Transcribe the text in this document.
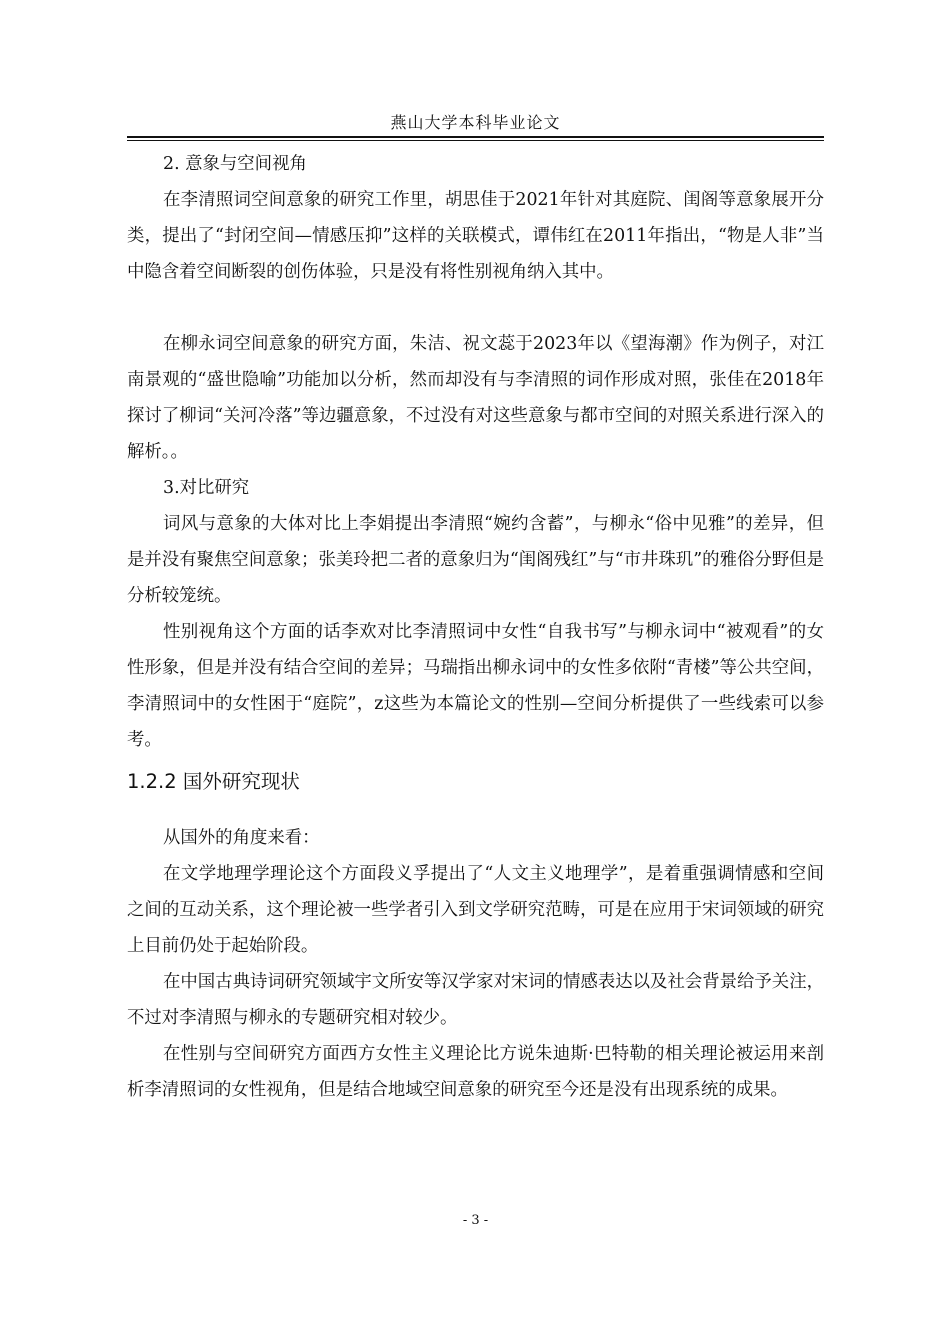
燕山大学本科毕业论文

2. 意象与空间视角

在李清照词空间意象的研究工作里，胡思佳于2021年针对其庭院、闺阁等意象展开分类，提出了“封闭空间—情感压抑”这样的关联模式，谭伟红在2011年指出，“物是人非”当中隐含着空间断裂的创伤体验，只是没有将性别视角纳入其中。

在柳永词空间意象的研究方面，朱洁、祝文蕊于2023年以《望海潮》作为例子，对江南景观的“盛世隐喻”功能加以分析，然而却没有与李清照的词作形成对照，张佳在2018年探讨了柳词“关河冷落”等边疆意象，不过没有对这些意象与都市空间的对照关系进行深入的解析。。

3.对比研究

词风与意象的大体对比上李娟提出李清照“婉约含蓄”，与柳永“俗中见雅”的差异，但是并没有聚焦空间意象；张美玲把二者的意象归为“闺阁残红”与“市井珠玑”的雅俗分野但是分析较笼统。

性别视角这个方面的话李欢对比李清照词中女性“自我书写”与柳永词中“被观看”的女性形象，但是并没有结合空间的差异；马瑞指出柳永词中的女性多依附“青楼”等公共空间，李清照词中的女性困于“庭院”，z这些为本篇论文的性别—空间分析提供了一些线索可以参考。

1.2.2 国外研究现状

从国外的角度来看：

在文学地理学理论这个方面段义孚提出了“人文主义地理学”，是着重强调情感和空间之间的互动关系，这个理论被一些学者引入到文学研究范畴，可是在应用于宋词领域的研究上目前仍处于起始阶段。

在中国古典诗词研究领域宇文所安等汉学家对宋词的情感表达以及社会背景给予关注，不过对李清照与柳永的专题研究相对较少。

在性别与空间研究方面西方女性主义理论比方说朱迪斯·巴特勒的相关理论被运用来剖析李清照词的女性视角，但是结合地域空间意象的研究至今还是没有出现系统的成果。

- 3 -
